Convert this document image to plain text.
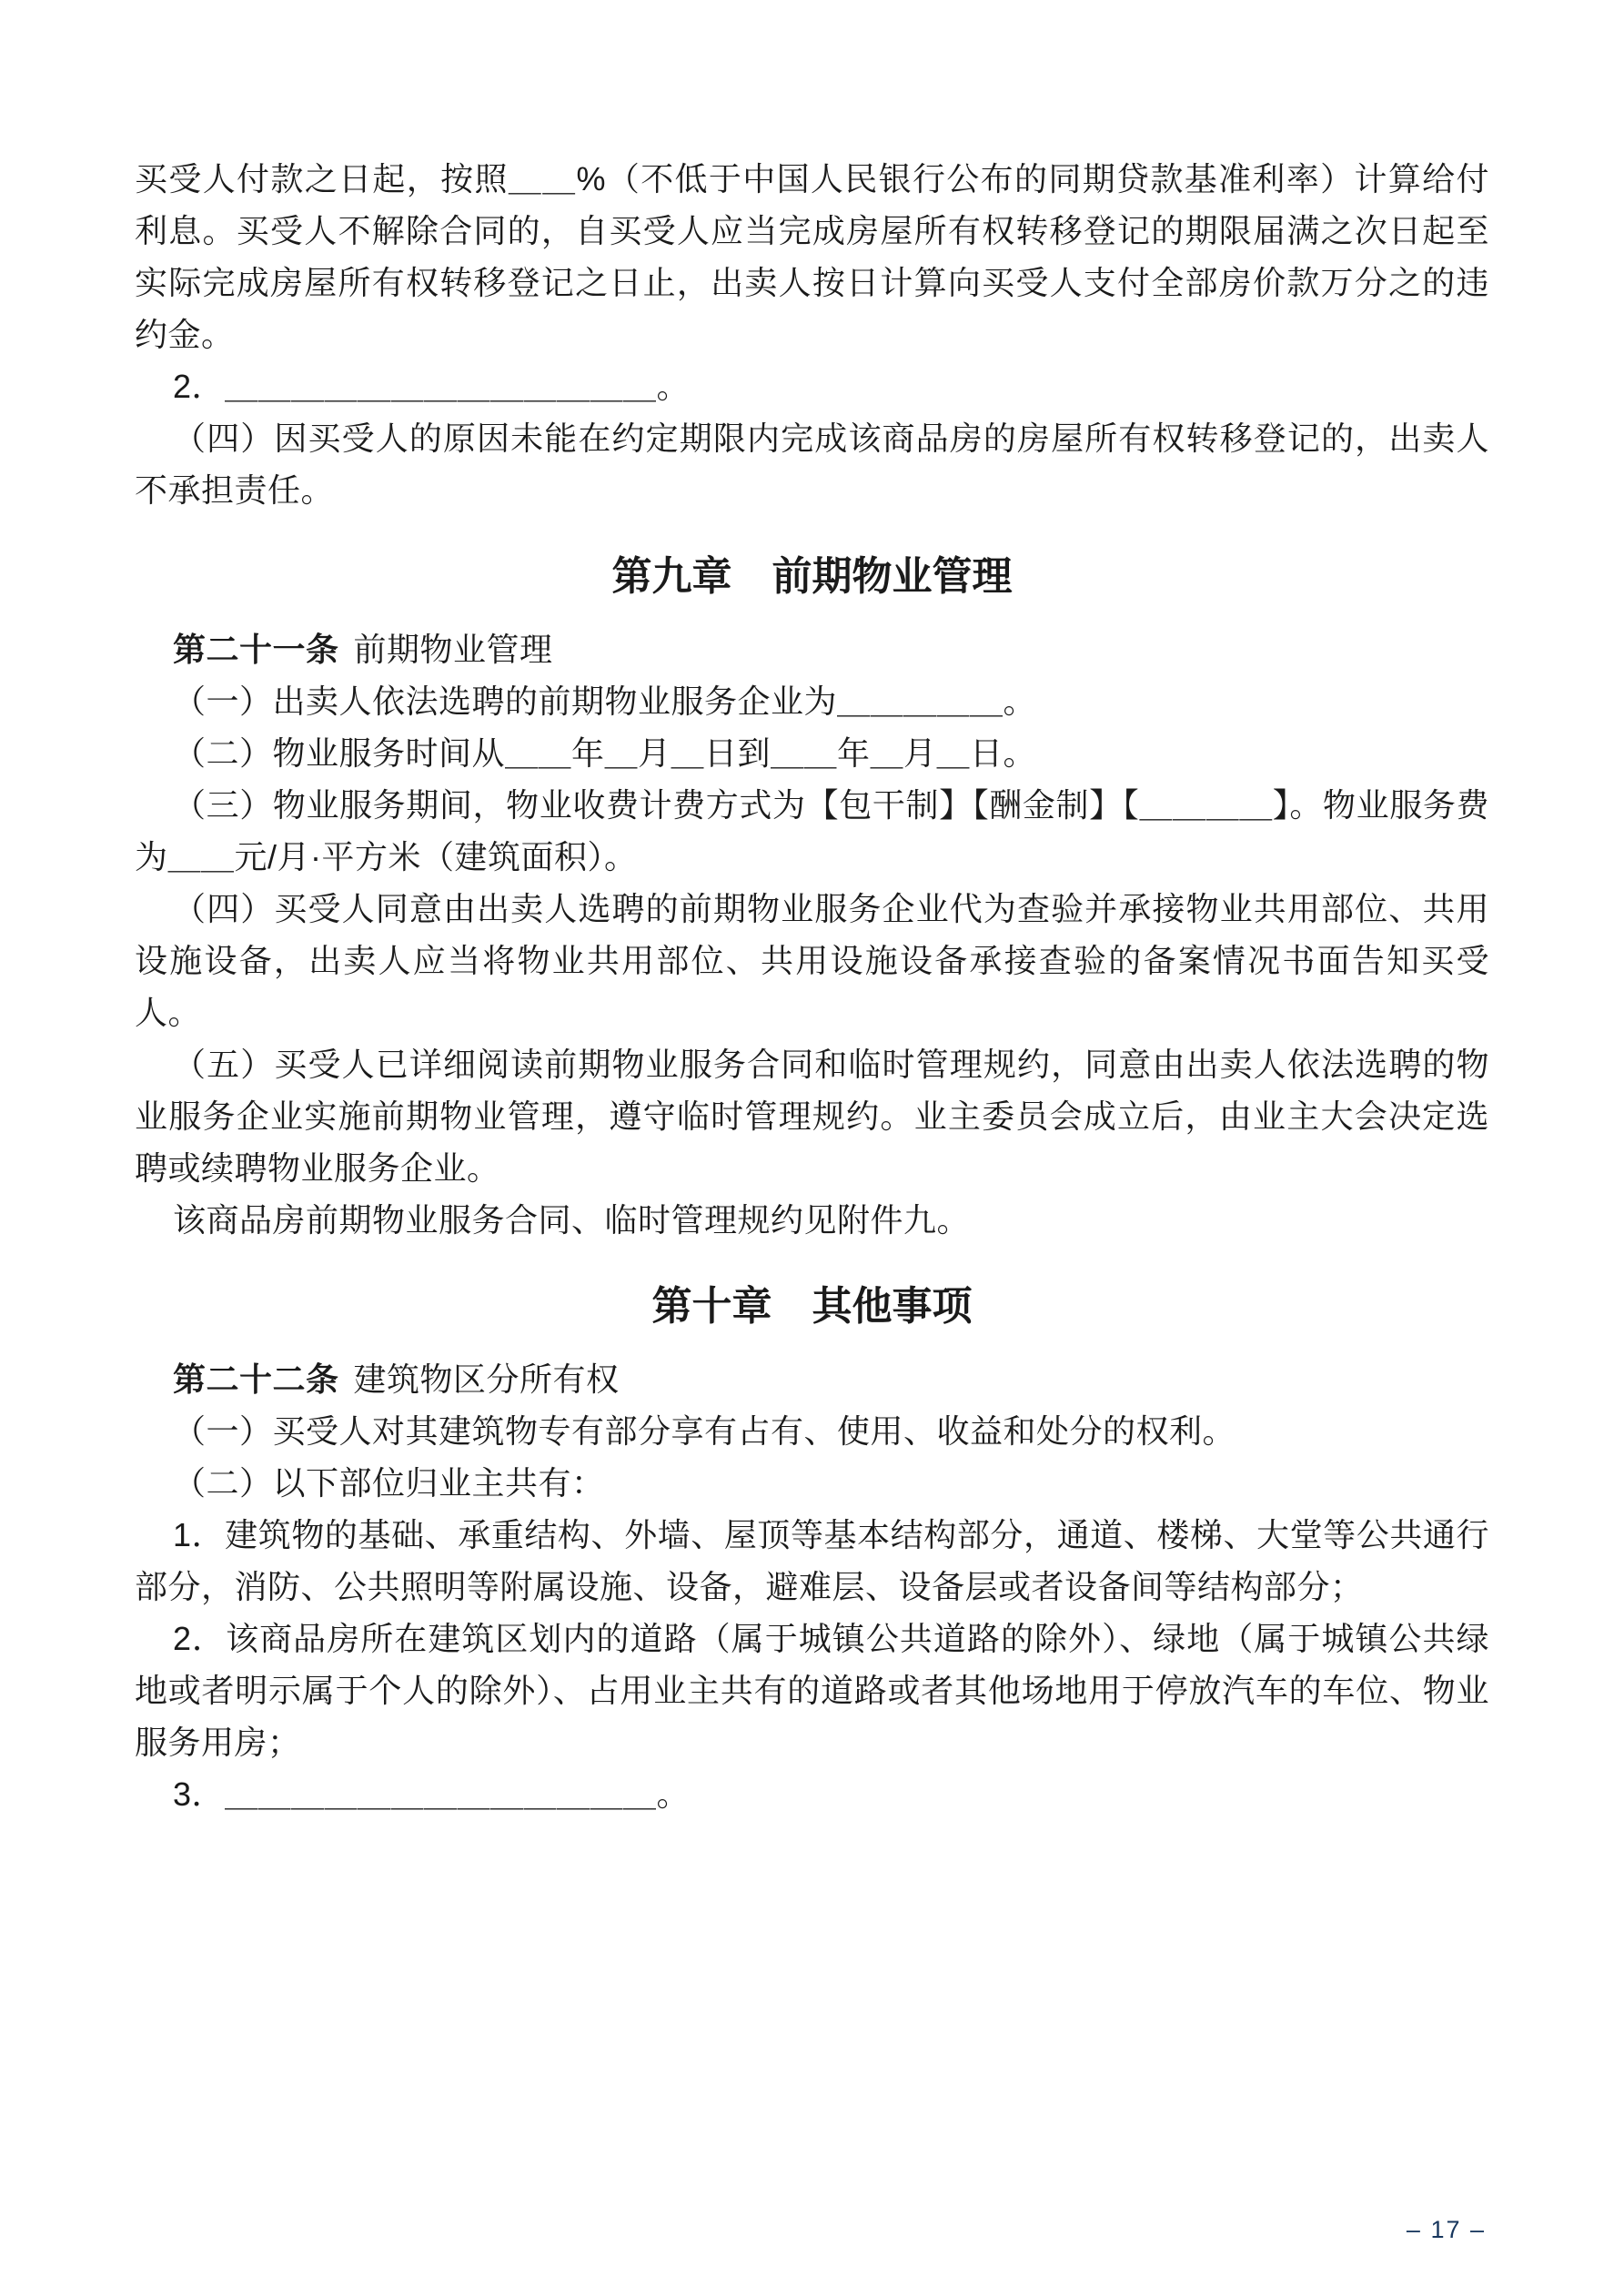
买受人付款之日起，按照＿＿%（不低于中国人民银行公布的同期贷款基准利率）计算给付利息。买受人不解除合同的，自买受人应当完成房屋所有权转移登记的期限届满之次日起至实际完成房屋所有权转移登记之日止，出卖人按日计算向买受人支付全部房价款万分之的违约金。

2．＿＿＿＿＿＿＿＿＿＿＿＿＿。

（四）因买受人的原因未能在约定期限内完成该商品房的房屋所有权转移登记的，出卖人不承担责任。

第九章　前期物业管理

第二十一条 前期物业管理

（一）出卖人依法选聘的前期物业服务企业为＿＿＿＿＿。

（二）物业服务时间从＿＿年＿月＿日到＿＿年＿月＿日。

（三）物业服务期间，物业收费计费方式为【包干制】【酬金制】【＿＿＿＿】。物业服务费为＿＿元/月·平方米（建筑面积）。

（四）买受人同意由出卖人选聘的前期物业服务企业代为查验并承接物业共用部位、共用设施设备，出卖人应当将物业共用部位、共用设施设备承接查验的备案情况书面告知买受人。

（五）买受人已详细阅读前期物业服务合同和临时管理规约，同意由出卖人依法选聘的物业服务企业实施前期物业管理，遵守临时管理规约。业主委员会成立后，由业主大会决定选聘或续聘物业服务企业。

该商品房前期物业服务合同、临时管理规约见附件九。

第十章　其他事项

第二十二条 建筑物区分所有权

（一）买受人对其建筑物专有部分享有占有、使用、收益和处分的权利。

（二）以下部位归业主共有：

1．建筑物的基础、承重结构、外墙、屋顶等基本结构部分，通道、楼梯、大堂等公共通行部分，消防、公共照明等附属设施、设备，避难层、设备层或者设备间等结构部分；

2．该商品房所在建筑区划内的道路（属于城镇公共道路的除外）、绿地（属于城镇公共绿地或者明示属于个人的除外）、占用业主共有的道路或者其他场地用于停放汽车的车位、物业服务用房；

3．＿＿＿＿＿＿＿＿＿＿＿＿＿。

– 17 –
